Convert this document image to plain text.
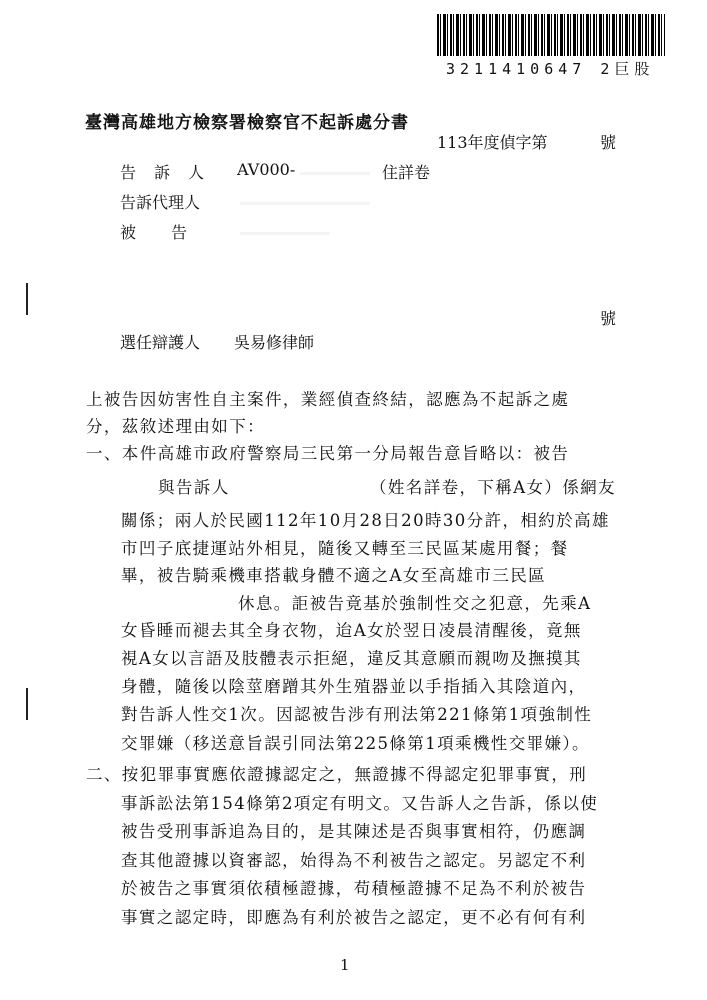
3211410647 2巨股
臺灣高雄地方檢察署檢察官不起訴處分書
113年度偵字第	號
告　訴　人 AV000-	住詳卷
告訴代理人
被　　告
號
選任辯護人 吳易修律師
上被告因妨害性自主案件，業經偵查終結，認應為不起訴之處
分，茲敘述理由如下：
一、本件高雄市政府警察局三民第一分局報告意旨略以：被告
與告訴人	（姓名詳卷，下稱A女）係網友
關係；兩人於民國112年10月28日20時30分許，相約於高雄
市凹子底捷運站外相見，隨後又轉至三民區某處用餐；餐
畢，被告騎乘機車搭載身體不適之A女至高雄市三民區
休息。詎被告竟基於強制性交之犯意，先乘A
女昏睡而褪去其全身衣物，迨A女於翌日凌晨清醒後，竟無
視A女以言語及肢體表示拒絕，違反其意願而親吻及撫摸其
身體，隨後以陰莖磨蹭其外生殖器並以手指插入其陰道內，
對告訴人性交1次。因認被告涉有刑法第221條第1項強制性
交罪嫌（移送意旨誤引同法第225條第1項乘機性交罪嫌）。
二、按犯罪事實應依證據認定之，無證據不得認定犯罪事實，刑
事訴訟法第154條第2項定有明文。又告訴人之告訴，係以使
被告受刑事訴追為目的，是其陳述是否與事實相符，仍應調
查其他證據以資審認，始得為不利被告之認定。另認定不利
於被告之事實須依積極證據，苟積極證據不足為不利於被告
事實之認定時，即應為有利於被告之認定，更不必有何有利
1
